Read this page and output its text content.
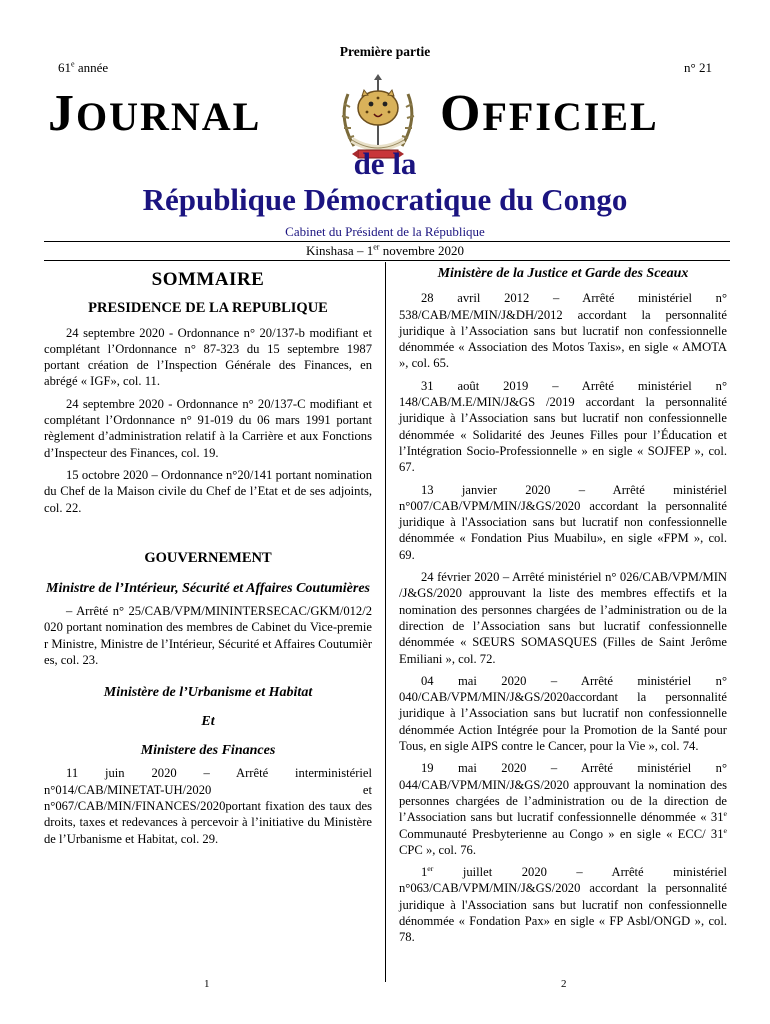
Première partie
61e année	n° 21
JOURNAL	OFFICIEL
de la
République Démocratique du Congo
Cabinet du Président de la République
Kinshasa – 1er novembre 2020
SOMMAIRE
PRESIDENCE DE LA REPUBLIQUE

24 septembre 2020 - Ordonnance n° 20/137-b modifiant et complétant l’Ordonnance n° 87-323 du 15 septembre 1987 portant création de l’Inspection Générale des Finances, en abrégé « IGF», col. 11.

24 septembre 2020 - Ordonnance n° 20/137-C modifiant et complétant l’Ordonnance n° 91-019 du 06 mars 1991 portant règlement d’administration relatif à la Carrière et aux Fonctions d’Inspecteur des Finances, col. 19.

15 octobre 2020 – Ordonnance n°20/141 portant nomination du Chef de la Maison civile du Chef de l’Etat et de ses adjoints, col. 22.

GOUVERNEMENT
Ministre de l’Intérieur, Sécurité et Affaires Coutumières

– Arrêté n° 25/CAB/VPM/MININTERSECAC/GKM/012/2020 portant nomination des membres de Cabinet du Vice-premier Ministre, Ministre de l’Intérieur, Sécurité et Affaires Coutumières, col. 23.

Ministère de l’Urbanisme et Habitat
Et
Ministere des Finances

11 juin 2020 – Arrêté interministériel n°014/CAB/MINETAT-UH/2020 et n°067/CAB/MIN/FINANCES/2020portant fixation des taux des droits, taxes et redevances à percevoir à l’initiative du Ministère de l’Urbanisme et Habitat, col. 29.

Ministère de la Justice et Garde des Sceaux

28 avril 2012 – Arrêté ministériel n° 538/CAB/ME/MIN/J&DH/2012 accordant la personnalité juridique à l’Association sans but lucratif non confessionnelle dénommée « Association des Motos Taxis», en sigle « AMOTA », col. 65.

31 août 2019 – Arrêté ministériel n° 148/CAB/M.E/MIN/J&GS /2019 accordant la personnalité juridique à l’Association sans but lucratif non confessionnelle dénommée « Solidarité des Jeunes Filles pour l’Éducation et l’Intégration Socio-Professionnelle » en sigle « SOJFEP », col. 67.

13 janvier 2020 – Arrêté ministériel n°007/CAB/VPM/MIN/J&GS/2020 accordant la personnalité juridique à l'Association sans but lucratif non confessionnelle dénommée « Fondation Pius Muabilu», en sigle «FPM », col. 69.

24 février 2020 – Arrêté ministériel n° 026/CAB/VPM/MIN /J&GS/2020 approuvant la liste des membres effectifs et la nomination des personnes chargées de l’administration ou de la direction de l’Association sans but lucratif confessionnelle dénommée « SŒURS SOMASQUES (Filles de Saint Jerôme Emiliani », col. 72.

04 mai 2020 – Arrêté ministériel n° 040/CAB/VPM/MIN/J&GS/2020accordant la personnalité juridique à l’Association sans but lucratif non confessionnelle dénommée Action Intégrée pour la Promotion de la Santé pour Tous, en sigle AIPS contre le Cancer, pour la Vie », col. 74.

19 mai 2020 – Arrêté ministériel n° 044/CAB/VPM/MIN/J&GS/2020 approuvant la nomination des personnes chargées de l’administration ou de la direction de l’Association sans but lucratif confessionnelle dénommée « 31e Communauté Presbyterienne au Congo » en sigle « ECC/ 31e CPC », col. 76.

1er juillet 2020 – Arrêté ministériel n°063/CAB/VPM/MIN/J&GS/2020 accordant la personnalité juridique à l'Association sans but lucratif non confessionnelle dénommée « Fondation Pax» en sigle « FP Asbl/ONGD », col. 78.

1	2
